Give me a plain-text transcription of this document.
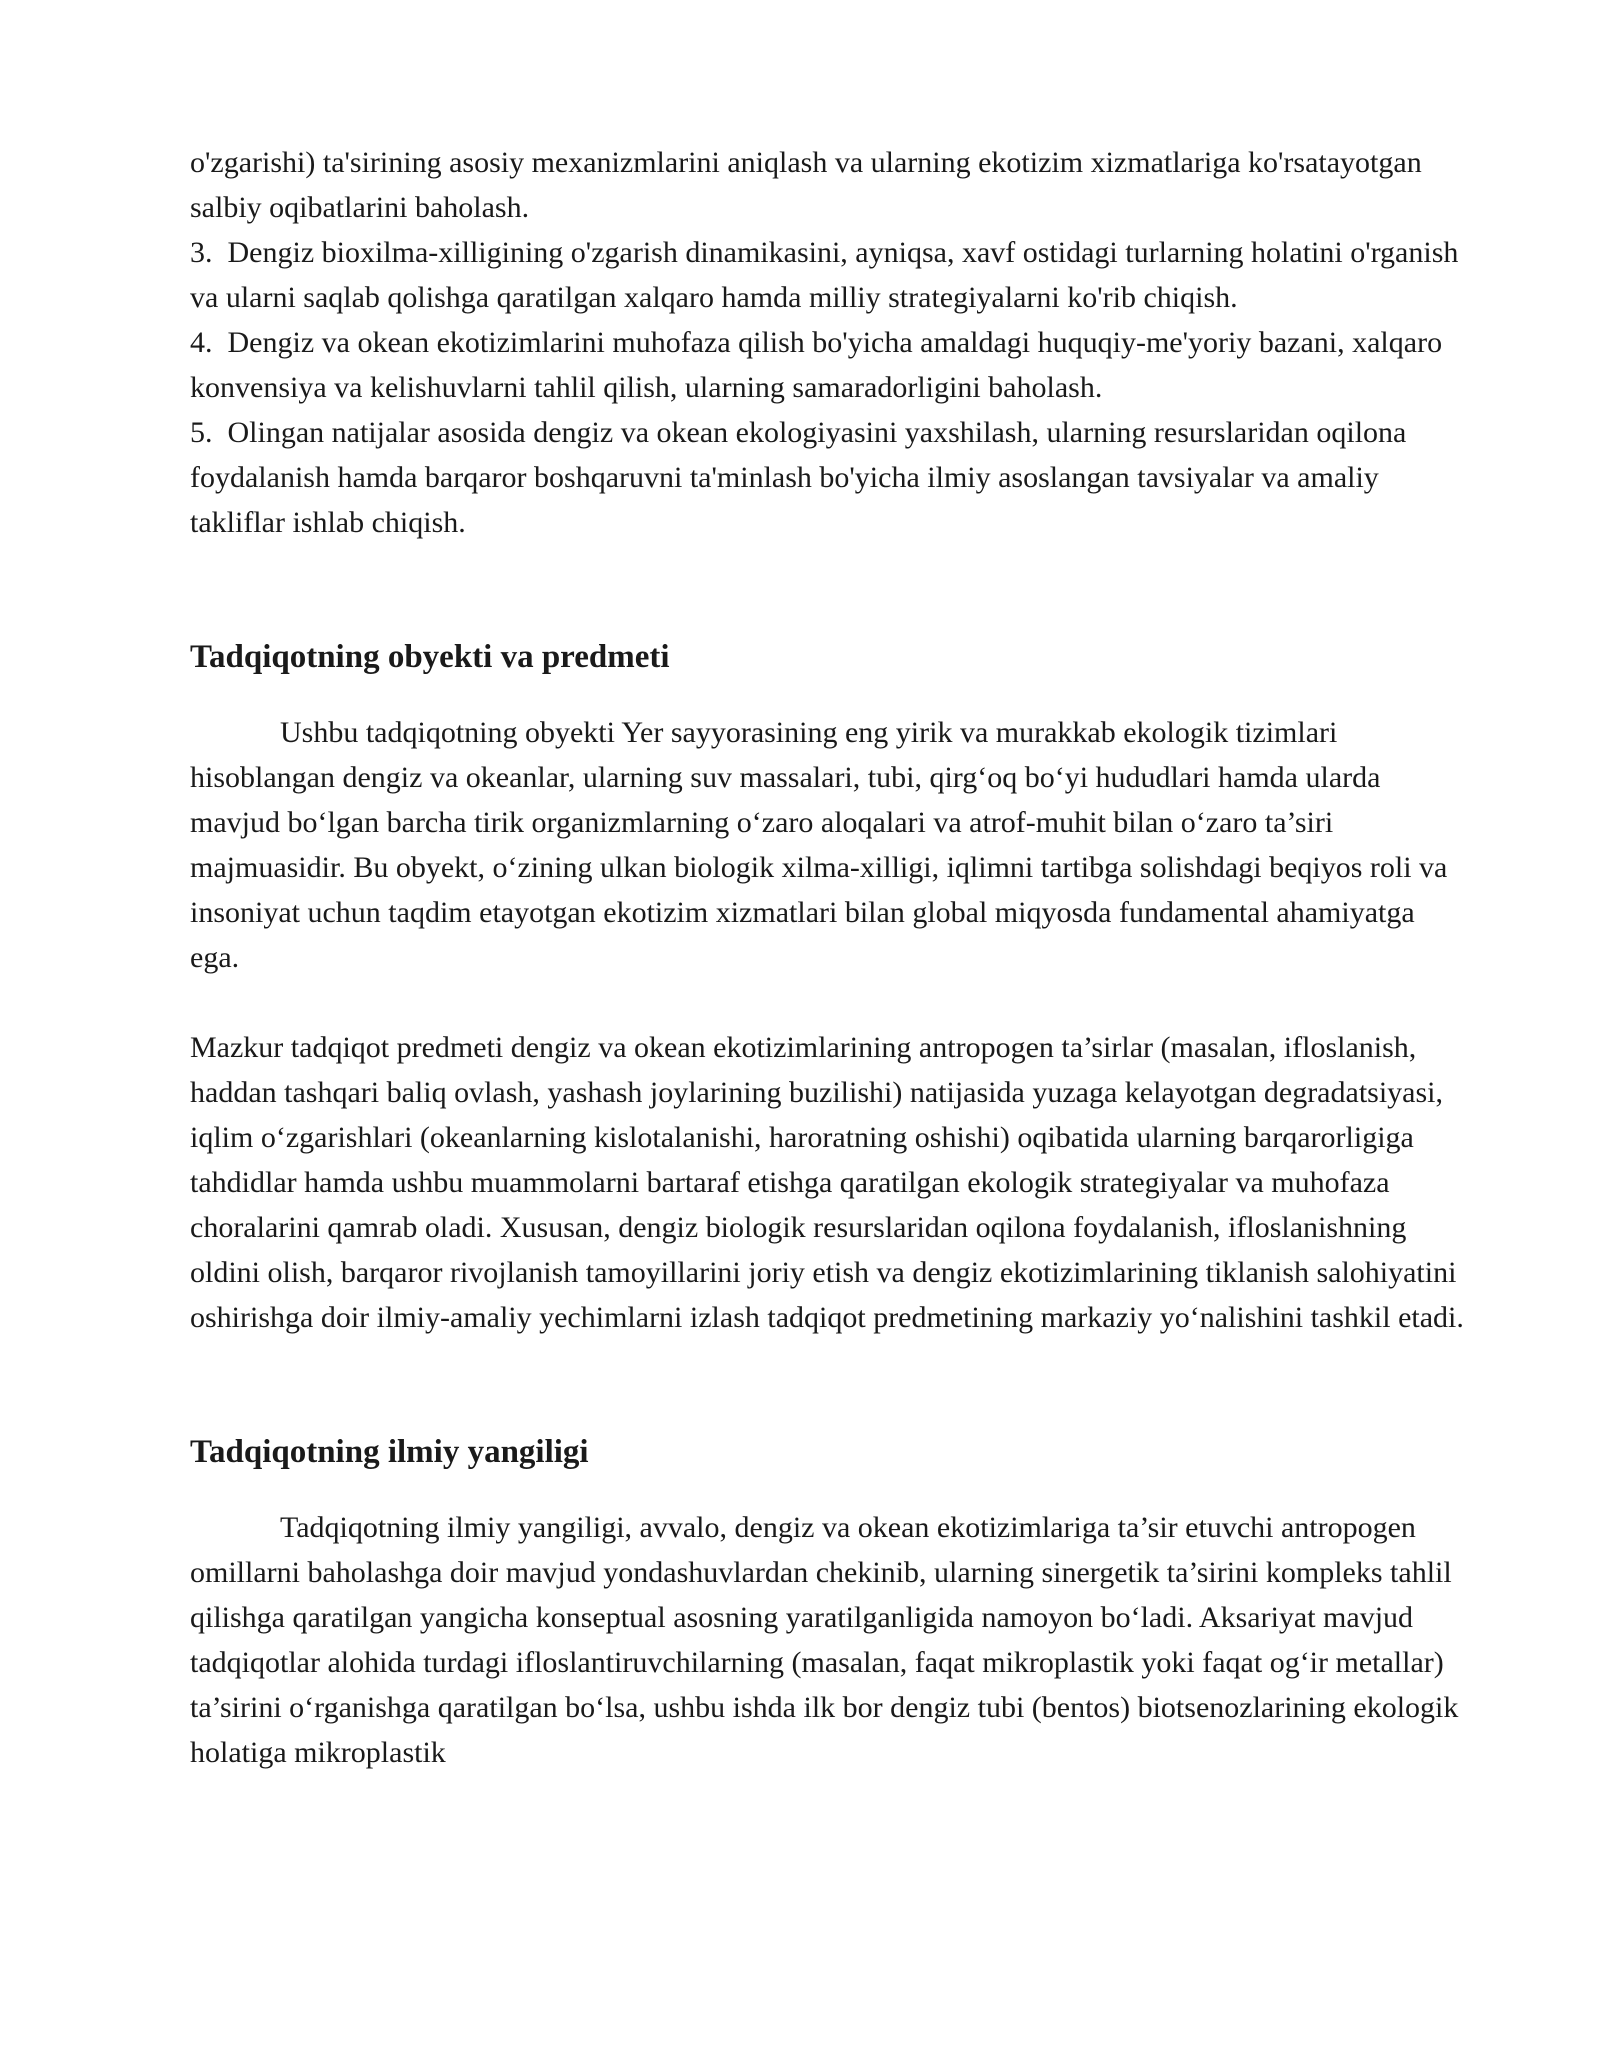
o'zgarishi) ta'sirining asosiy mexanizmlarini aniqlash va ularning ekotizim xizmatlariga ko'rsatayotgan salbiy oqibatlarini baholash.

3. Dengiz bioxilma-xilligining o'zgarish dinamikasini, ayniqsa, xavf ostidagi turlarning holatini o'rganish va ularni saqlab qolishga qaratilgan xalqaro hamda milliy strategiyalarni ko'rib chiqish.

4. Dengiz va okean ekotizimlarini muhofaza qilish bo'yicha amaldagi huquqiy-me'yoriy bazani, xalqaro konvensiya va kelishuvlarni tahlil qilish, ularning samaradorligini baholash.

5. Olingan natijalar asosida dengiz va okean ekologiyasini yaxshilash, ularning resurslaridan oqilona foydalanish hamda barqaror boshqaruvni ta'minlash bo'yicha ilmiy asoslangan tavsiyalar va amaliy takliflar ishlab chiqish.

Tadqiqotning obyekti va predmeti

Ushbu tadqiqotning obyekti Yer sayyorasining eng yirik va murakkab ekologik tizimlari hisoblangan dengiz va okeanlar, ularning suv massalari, tubi, qirg‘oq bo‘yi hududlari hamda ularda mavjud bo‘lgan barcha tirik organizmlarning o‘zaro aloqalari va atrof-muhit bilan o‘zaro ta’siri majmuasidir. Bu obyekt, o‘zining ulkan biologik xilma-xilligi, iqlimni tartibga solishdagi beqiyos roli va insoniyat uchun taqdim etayotgan ekotizim xizmatlari bilan global miqyosda fundamental ahamiyatga ega.

Mazkur tadqiqot predmeti dengiz va okean ekotizimlarining antropogen ta’sirlar (masalan, ifloslanish, haddan tashqari baliq ovlash, yashash joylarining buzilishi) natijasida yuzaga kelayotgan degradatsiyasi, iqlim o‘zgarishlari (okeanlarning kislotalanishi, haroratning oshishi) oqibatida ularning barqarorligiga tahdidlar hamda ushbu muammolarni bartaraf etishga qaratilgan ekologik strategiyalar va muhofaza choralarini qamrab oladi. Xususan, dengiz biologik resurslaridan oqilona foydalanish, ifloslanishning oldini olish, barqaror rivojlanish tamoyillarini joriy etish va dengiz ekotizimlarining tiklanish salohiyatini oshirishga doir ilmiy-amaliy yechimlarni izlash tadqiqot predmetining markaziy yo‘nalishini tashkil etadi.

Tadqiqotning ilmiy yangiligi

Tadqiqotning ilmiy yangiligi, avvalo, dengiz va okean ekotizimlariga ta’sir etuvchi antropogen omillarni baholashga doir mavjud yondashuvlardan chekinib, ularning sinergetik ta’sirini kompleks tahlil qilishga qaratilgan yangicha konseptual asosning yaratilganligida namoyon bo‘ladi. Aksariyat mavjud tadqiqotlar alohida turdagi ifloslantiruvchilarning (masalan, faqat mikroplastik yoki faqat og‘ir metallar) ta’sirini o‘rganishga qaratilgan bo‘lsa, ushbu ishda ilk bor dengiz tubi (bentos) biotsenozlarining ekologik holatiga mikroplastik
